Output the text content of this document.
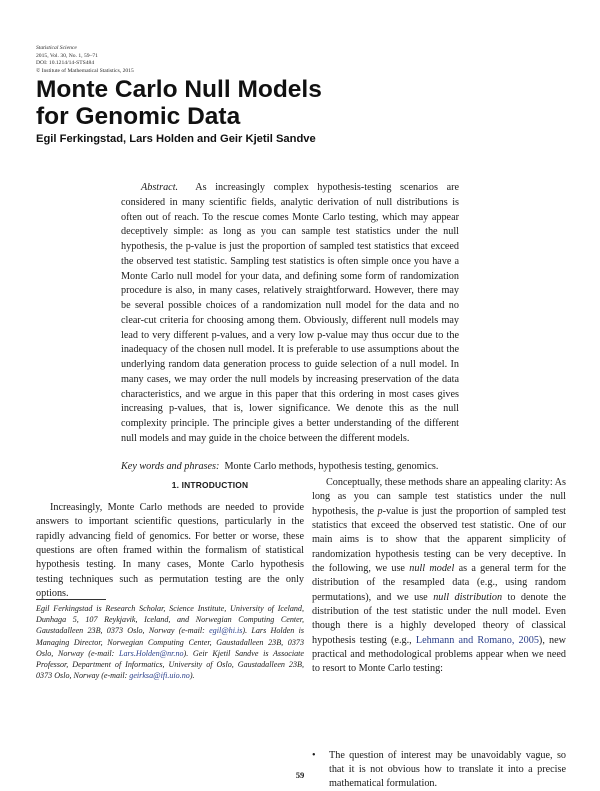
Statistical Science
2015, Vol. 30, No. 1, 59–71
DOI: 10.1214/14-STS484
© Institute of Mathematical Statistics, 2015
Monte Carlo Null Models
for Genomic Data
Egil Ferkingstad, Lars Holden and Geir Kjetil Sandve
Abstract. As increasingly complex hypothesis-testing scenarios are considered in many scientific fields, analytic derivation of null distributions is often out of reach. To the rescue comes Monte Carlo testing, which may appear deceptively simple: as long as you can sample test statistics under the null hypothesis, the p-value is just the proportion of sampled test statistics that exceed the observed test statistic. Sampling test statistics is often simple once you have a Monte Carlo null model for your data, and defining some form of randomization procedure is also, in many cases, relatively straightforward. However, there may be several possible choices of a randomization null model for the data and no clear-cut criteria for choosing among them. Obviously, different null models may lead to very different p-values, and a very low p-value may thus occur due to the inadequacy of the chosen null model. It is preferable to use assumptions about the underlying random data generation process to guide selection of a null model. In many cases, we may order the null models by increasing preservation of the data characteristics, and we argue in this paper that this ordering in most cases gives increasing p-values, that is, lower significance. We denote this as the null complexity principle. The principle gives a better understanding of the different null models and may guide in the choice between the different models.
Key words and phrases: Monte Carlo methods, hypothesis testing, genomics.
1. INTRODUCTION
Increasingly, Monte Carlo methods are needed to provide answers to important scientific questions, particularly in the rapidly advancing field of genomics. For better or worse, these questions are often framed within the formalism of statistical hypothesis testing. In many cases, Monte Carlo hypothesis testing techniques such as permutation testing are the only options.
Egil Ferkingstad is Research Scholar, Science Institute, University of Iceland, Dunhaga 5, 107 Reykjavik, Iceland, and Norwegian Computing Center, Gaustadalleen 23B, 0373 Oslo, Norway (e-mail: egil@hi.is). Lars Holden is Managing Director, Norwegian Computing Center, Gaustadalleen 23B, 0373 Oslo, Norway (e-mail: Lars.Holden@nr.no). Geir Kjetil Sandve is Associate Professor, Department of Informatics, University of Oslo, Gaustadalleen 23B, 0373 Oslo, Norway (e-mail: geirksa@ifi.uio.no).
Conceptually, these methods share an appealing clarity: As long as you can sample test statistics under the null hypothesis, the p-value is just the proportion of sampled test statistics that exceed the observed test statistic. One of our main aims is to show that the apparent simplicity of randomization hypothesis testing can be very deceptive. In the following, we use null model as a general term for the distribution of the resampled data (e.g., using random permutations), and we use null distribution to denote the distribution of the test statistic under the null model. Even though there is a highly developed theory of classical hypothesis testing (e.g., Lehmann and Romano, 2005), new practical and methodological problems appear when we need to resort to Monte Carlo testing:
• The question of interest may be unavoidably vague, so that it is not obvious how to translate it into a precise mathematical formulation.
59
